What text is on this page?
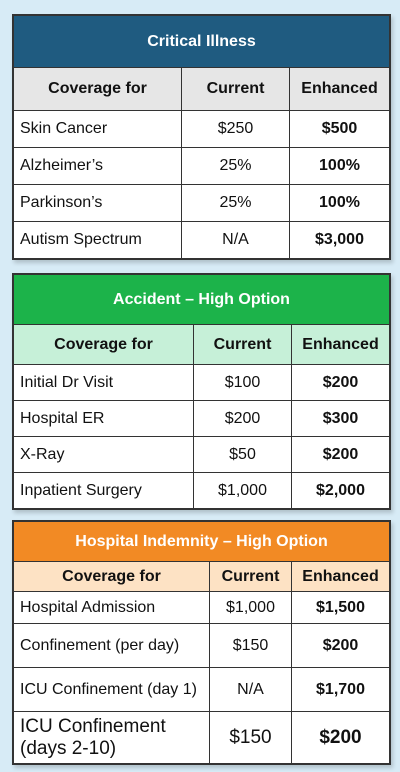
Critical Illness		
Coverage for	Current	Enhanced
Skin Cancer	$250	$500
Alzheimer’s	25%	100%
Parkinson’s	25%	100%
Autism Spectrum	N/A	$3,000
Accident – High Option		
Coverage for	Current	Enhanced
Initial Dr Visit	$100	$200
Hospital ER	$200	$300
X-Ray	$50	$200
Inpatient Surgery	$1,000	$2,000
Hospital Indemnity – High Option		
Coverage for	Current	Enhanced
Hospital Admission	$1,000	$1,500
Confinement (per day)	$150	$200
ICU Confinement (day 1)	N/A	$1,700
ICU Confinement (days 2-10)	$150	$200
